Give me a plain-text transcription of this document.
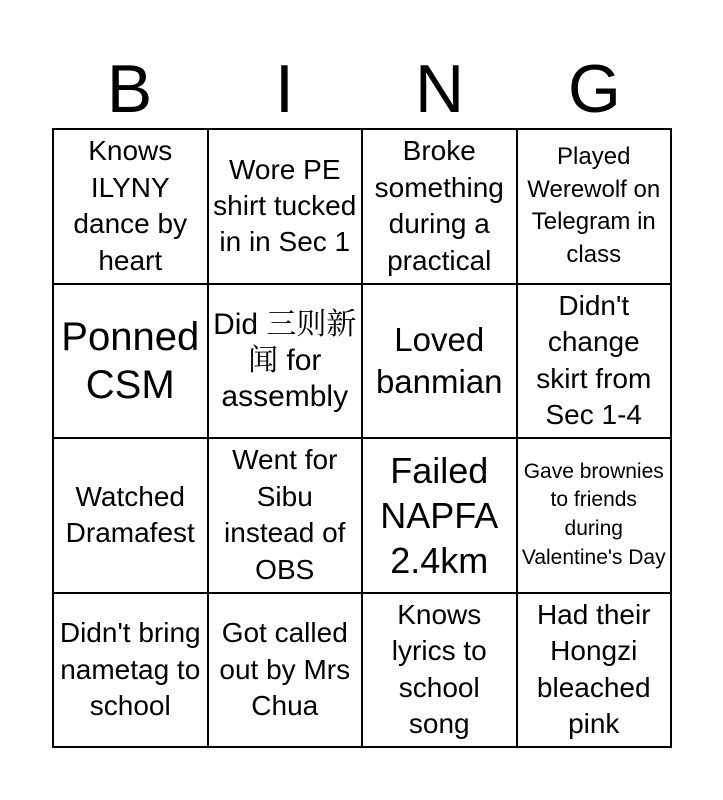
B	I	N	G
Knows ILYNY dance by heart
Wore PE shirt tucked in in Sec 1
Broke something during a practical
Played Werewolf on Telegram in class
Ponned CSM
Did 三则新闻 for assembly
Loved banmian
Didn't change skirt from Sec 1-4
Watched Dramafest
Went for Sibu instead of OBS
Failed NAPFA 2.4km
Gave brownies to friends during Valentine's Day
Didn't bring nametag to school
Got called out by Mrs Chua
Knows lyrics to school song
Had their Hongzi bleached pink
